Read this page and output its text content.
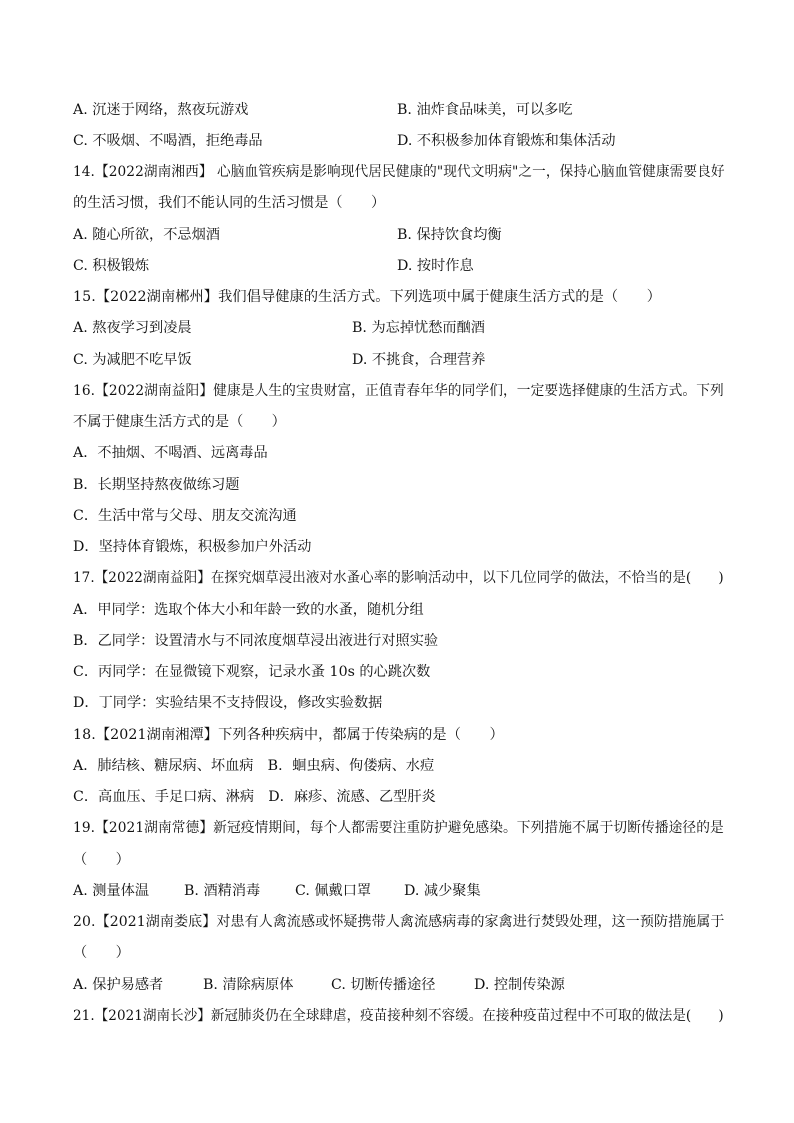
A. 沉迷于网络，熬夜玩游戏	B. 油炸食品味美，可以多吃
C. 不吸烟、不喝酒，拒绝毒品	D. 不积极参加体育锻炼和集体活动
14.【2022湖南湘西】 心脑血管疾病是影响现代居民健康的"现代文明病"之一，保持心脑血管健康需要良好
的生活习惯，我们不能认同的生活习惯是（　　）
A. 随心所欲，不忌烟酒	B. 保持饮食均衡
C. 积极锻炼	D. 按时作息
15.【2022湖南郴州】我们倡导健康的生活方式。下列选项中属于健康生活方式的是（　　）
A. 熬夜学习到凌晨	B. 为忘掉忧愁而酗酒
C. 为减肥不吃早饭	D. 不挑食，合理营养
16.【2022湖南益阳】健康是人生的宝贵财富，正值青春年华的同学们，一定要选择健康的生活方式。下列
不属于健康生活方式的是（　　）
A．不抽烟、不喝酒、远离毒品
B．长期坚持熬夜做练习题
C．生活中常与父母、朋友交流沟通
D．坚持体育锻炼，积极参加户外活动
17.【2022湖南益阳】在探究烟草浸出液对水蚤心率的影响活动中，以下几位同学的做法，不恰当的是(　　)
A．甲同学：选取个体大小和年龄一致的水蚤，随机分组
B．乙同学：设置清水与不同浓度烟草浸出液进行对照实验
C．丙同学：在显微镜下观察，记录水蚤 10s 的心跳次数
D．丁同学：实验结果不支持假设，修改实验数据
18.【2021湖南湘潭】下列各种疾病中，都属于传染病的是（　　）
A．肺结核、糖尿病、坏血病　B．蛔虫病、佝偻病、水痘
C．高血压、手足口病、淋病　D．麻疹、流感、乙型肝炎
19.【2021湖南常德】新冠疫情期间，每个人都需要注重防护避免感染。下列措施不属于切断传播途径的是
（　　）
A. 测量体温 B. 酒精消毒 C. 佩戴口罩 D. 减少聚集
20.【2021湖南娄底】对患有人禽流感或怀疑携带人禽流感病毒的家禽进行焚毁处理，这一预防措施属于
（　　）
A. 保护易感者	B. 清除病原体	C. 切断传播途径	D. 控制传染源
21.【2021湖南长沙】新冠肺炎仍在全球肆虐，疫苗接种刻不容缓。在接种疫苗过程中不可取的做法是(　　)
